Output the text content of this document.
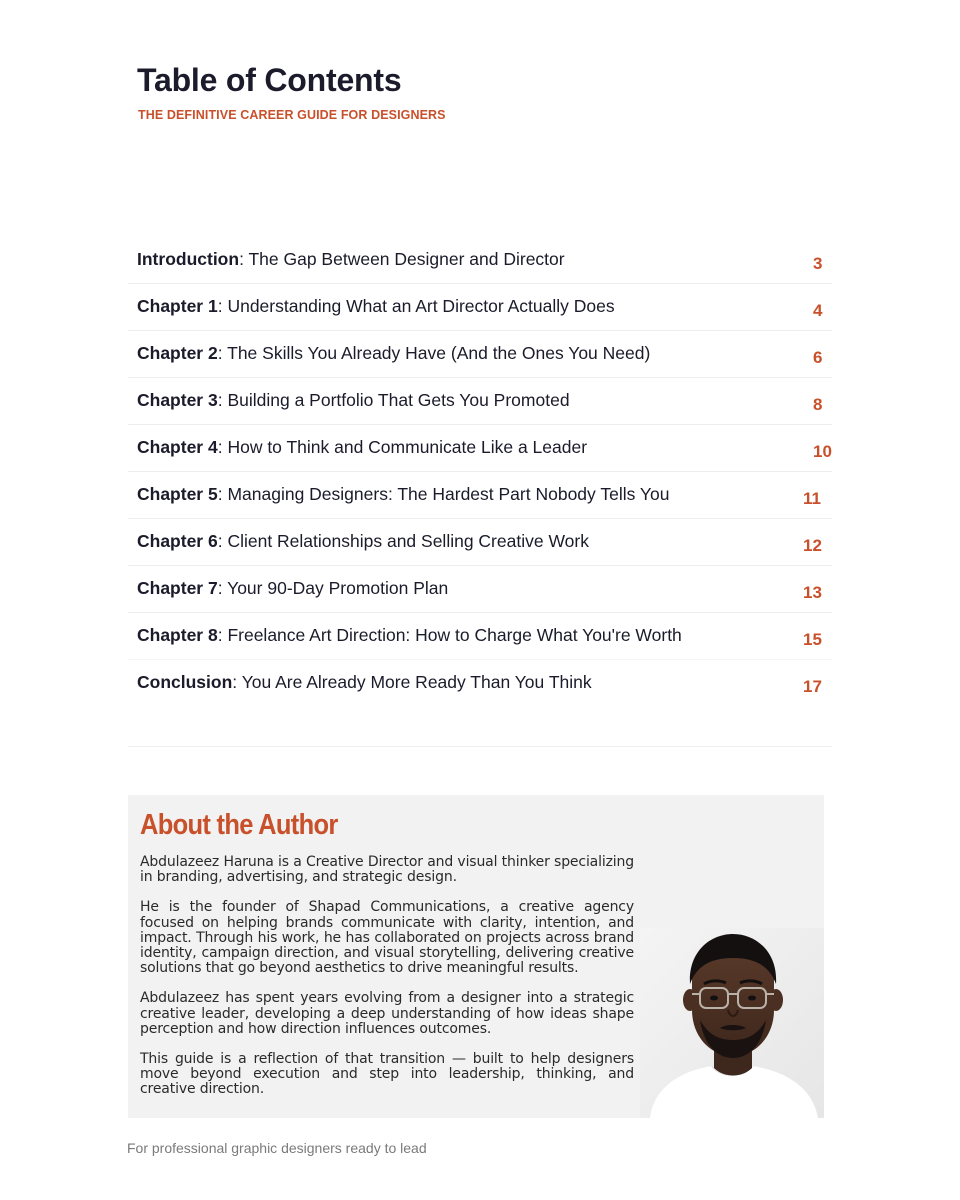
Table of Contents
THE DEFINITIVE CAREER GUIDE FOR DESIGNERS
Introduction: The Gap Between Designer and Director	3
Chapter 1: Understanding What an Art Director Actually Does	4
Chapter 2: The Skills You Already Have (And the Ones You Need)	6
Chapter 3: Building a Portfolio That Gets You Promoted	8
Chapter 4: How to Think and Communicate Like a Leader	10
Chapter 5: Managing Designers: The Hardest Part Nobody Tells You	11
Chapter 6: Client Relationships and Selling Creative Work	12
Chapter 7: Your 90-Day Promotion Plan	13
Chapter 8: Freelance Art Direction: How to Charge What You're Worth	15
Conclusion: You Are Already More Ready Than You Think	17
About the Author

Abdulazeez Haruna is a Creative Director and visual thinker specializing in branding, advertising, and strategic design.

He is the founder of Shapad Communications, a creative agency focused on helping brands communicate with clarity, intention, and impact. Through his work, he has collaborated on projects across brand identity, campaign direction, and visual storytelling, delivering creative solutions that go beyond aesthetics to drive meaningful results.

Abdulazeez has spent years evolving from a designer into a strategic creative leader, developing a deep understanding of how ideas shape perception and how direction influences outcomes.

This guide is a reflection of that transition — built to help designers move beyond execution and step into leadership, thinking, and creative direction.

For professional graphic designers ready to lead
